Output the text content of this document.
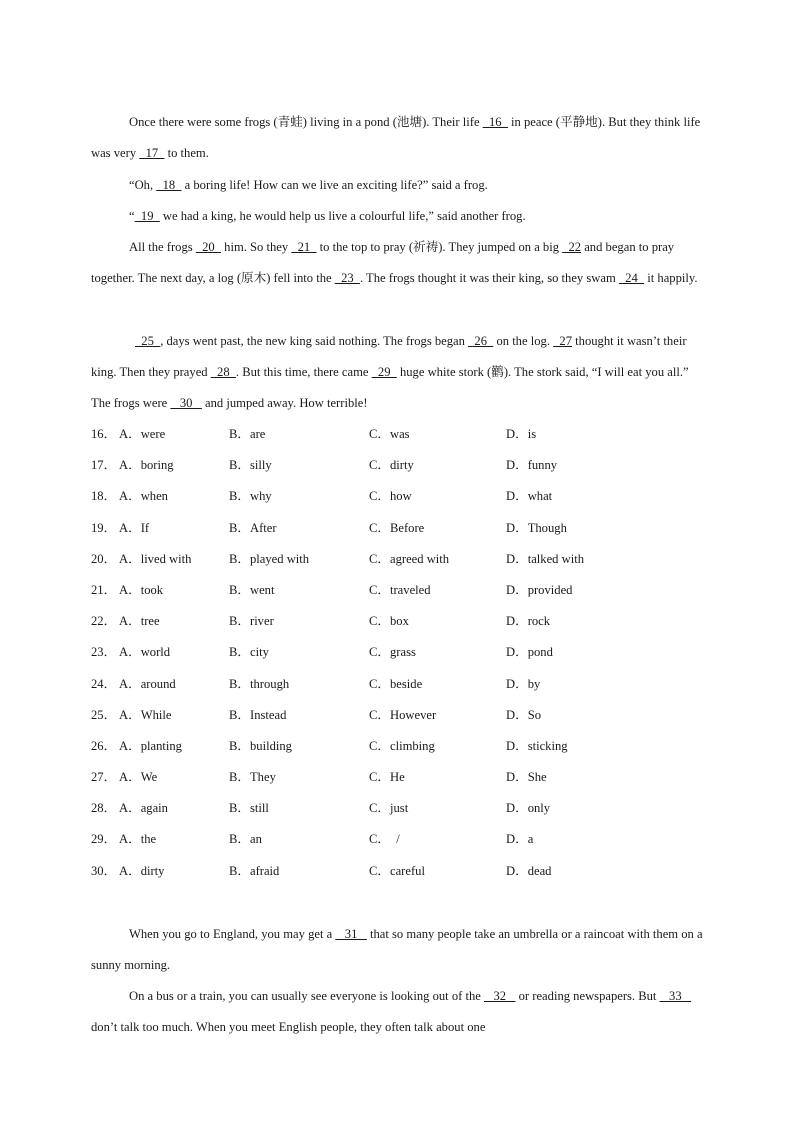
Once there were some frogs (青蛙) living in a pond (池塘). Their life   16   in peace (平静地). But they think life was very   17   to them.

“Oh,   18   a boring life! How can we live an exciting life?” said a frog.

“  19   we had a king, he would help us live a colourful life,” said another frog.

All the frogs   20   him. So they   21   to the top to pray (祈祷). They jumped on a big   22 and began to pray together. The next day, a log (原木) fell into the   23  . The frogs thought it was their king, so they swam   24   it happily.

25  , days went past, the new king said nothing. The frogs began   26   on the log.   27 thought it wasn’t their king. Then they prayed   28  . But this time, there came   29   huge white stork (鹳). The stork said, “I will eat you all.” The frogs were    30    and jumped away. How terrible!

16． A．were	B．are	C．was	D．is
17． A．boring	B．silly	C．dirty	D．funny
18． A．when	B．why	C．how	D．what
19． A．If	B．After	C．Before	D．Though
20． A．lived with	B．played with	C．agreed with	D．talked with
21． A．took	B．went	C．traveled	D．provided
22． A．tree	B．river	C．box	D．rock
23． A．world	B．city	C．grass	D．pond
24． A．around	B．through	C．beside	D．by
25． A．While	B．Instead	C．However	D．So
26． A．planting	B．building	C．climbing	D．sticking
27． A．We	B．They	C．He	D．She
28． A．again	B．still	C．just	D．only
29． A．the	B．an	C．  /	D．a
30． A．dirty	B．afraid	C．careful	D．dead

When you go to England, you may get a    31    that so many people take an umbrella or a raincoat with them on a sunny morning.

On a bus or a train, you can usually see everyone is looking out of the    32    or reading newspapers. But    33    don’t talk too much. When you meet English people, they often talk about one
